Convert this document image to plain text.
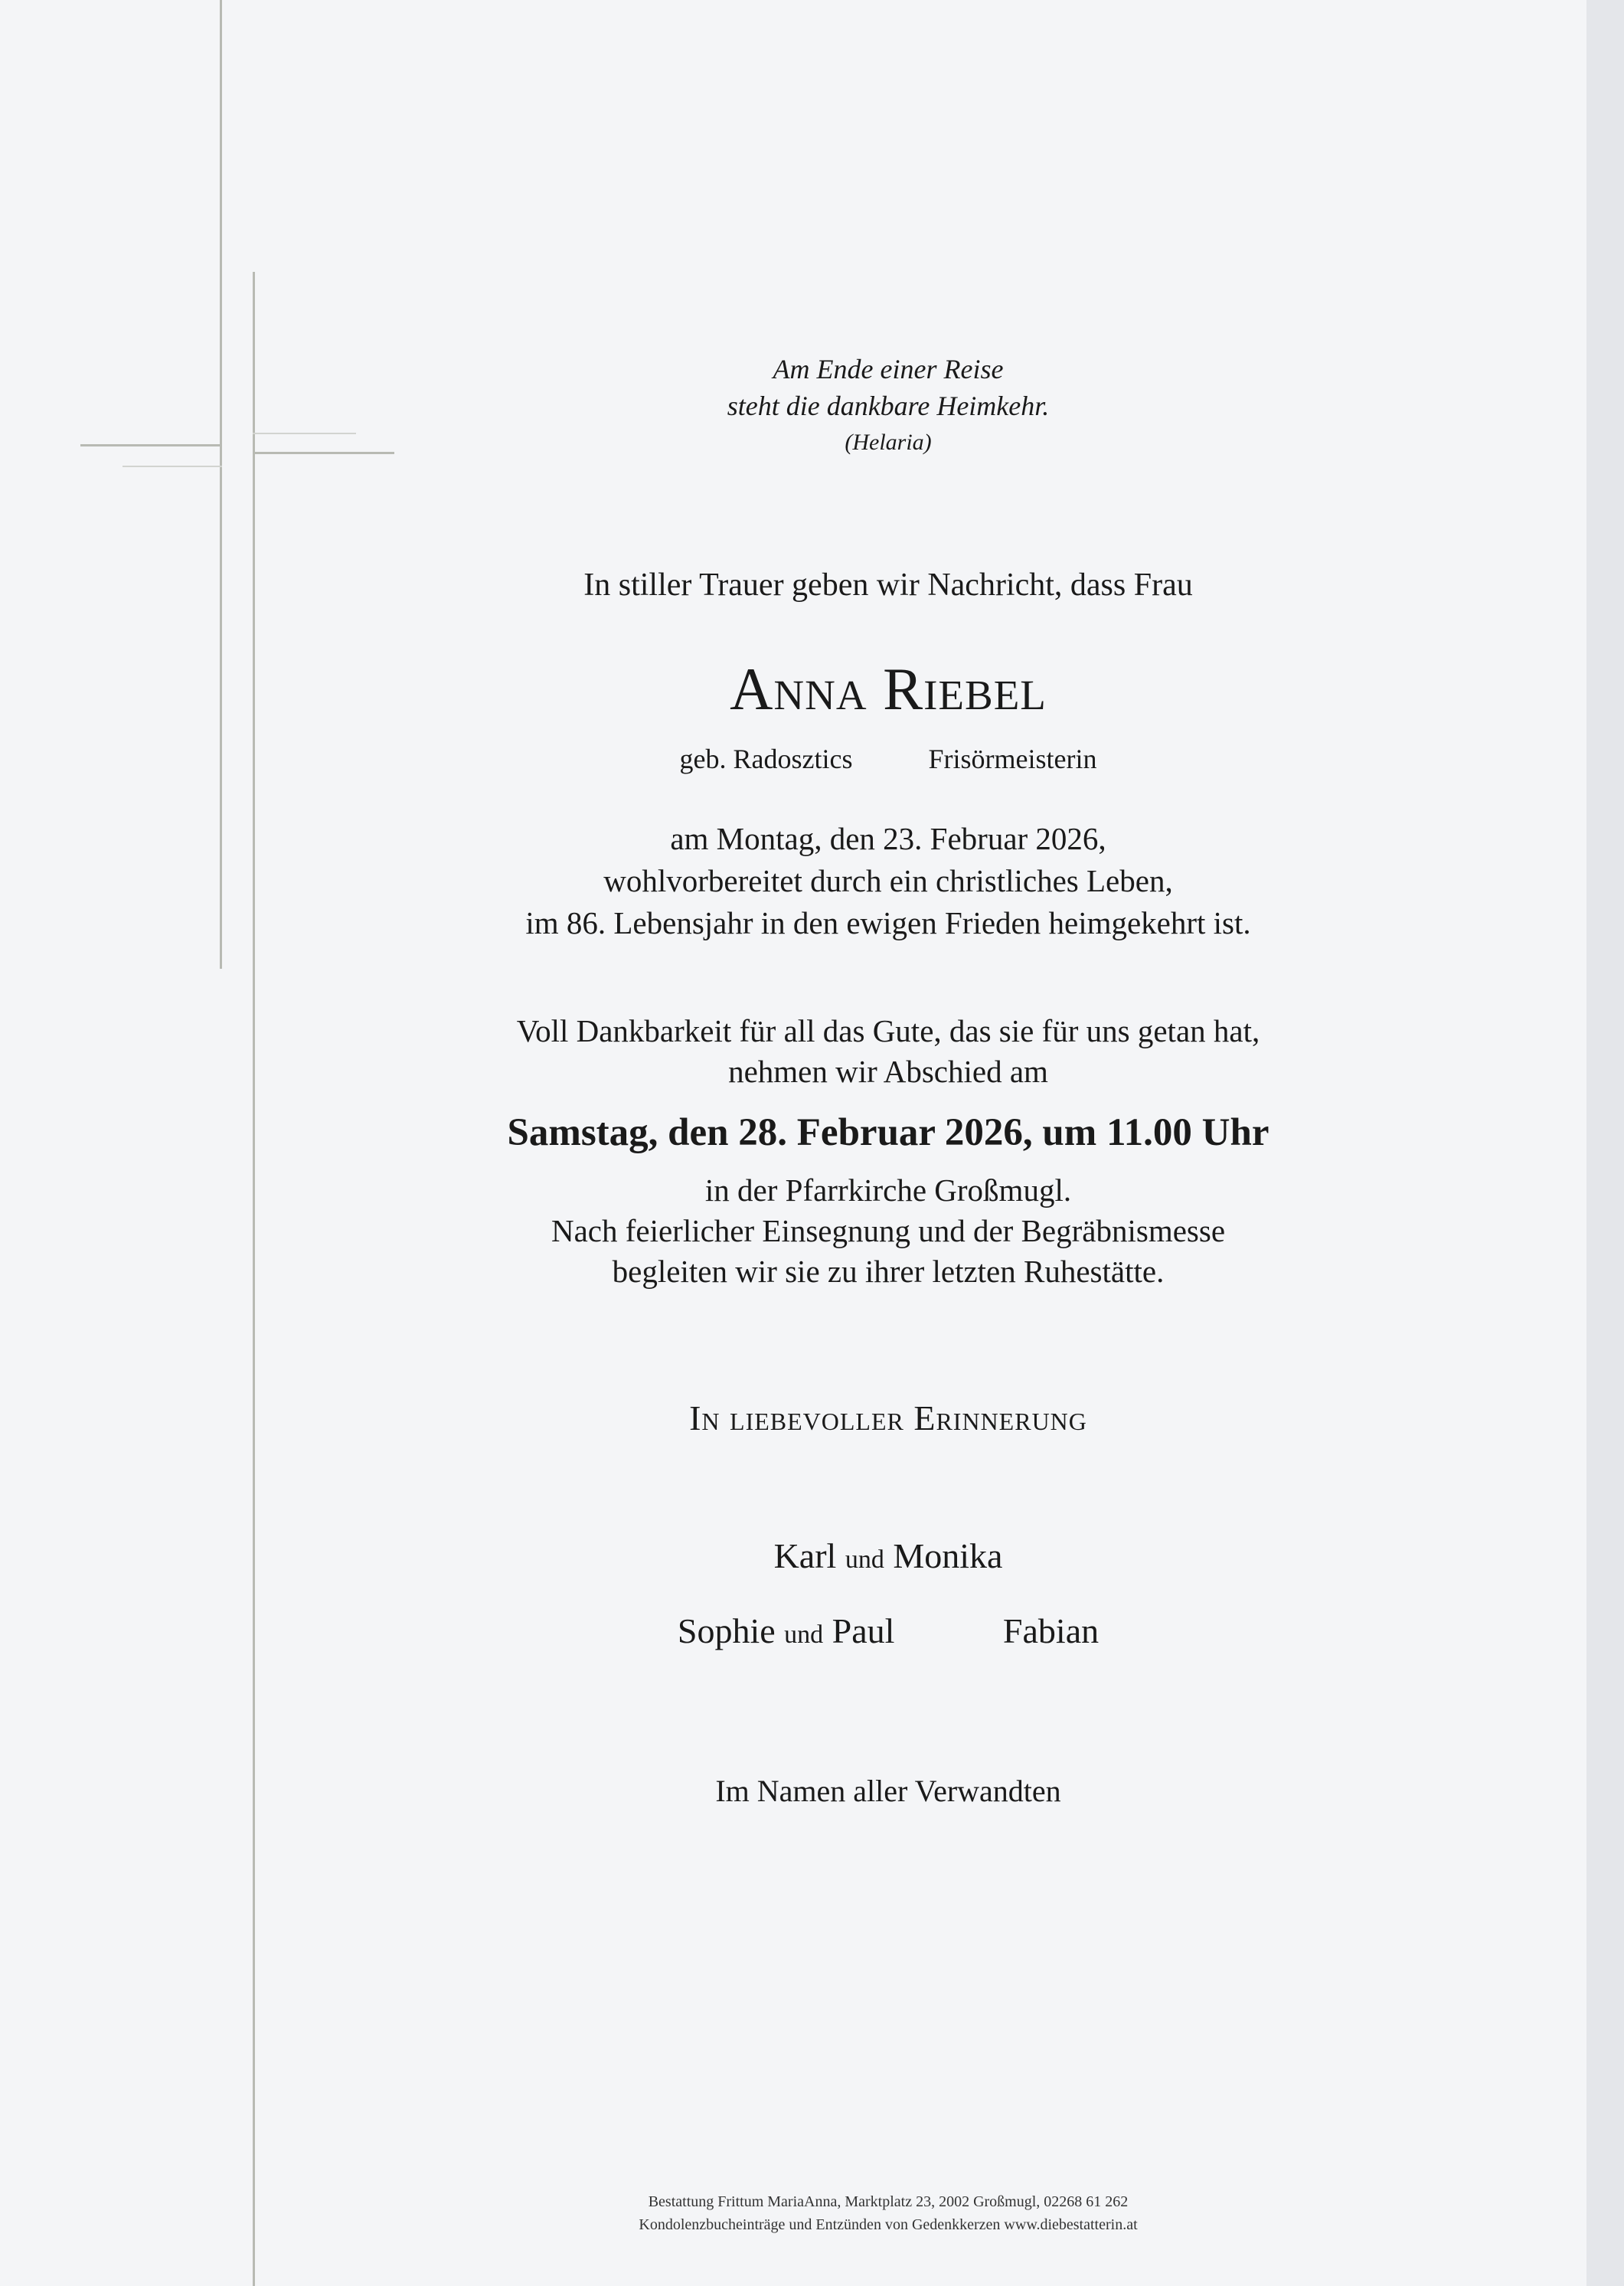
Am Ende einer Reise
steht die dankbare Heimkehr.
(Helaria)
In stiller Trauer geben wir Nachricht, dass Frau
Anna Riebel
geb. Radosztics	Frisörmeisterin
am Montag, den 23. Februar 2026,
wohlvorbereitet durch ein christliches Leben,
im 86. Lebensjahr in den ewigen Frieden heimgekehrt ist.
Voll Dankbarkeit für all das Gute, das sie für uns getan hat,
nehmen wir Abschied am
Samstag, den 28. Februar 2026, um 11.00 Uhr
in der Pfarrkirche Großmugl.
Nach feierlicher Einsegnung und der Begräbnismesse
begleiten wir sie zu ihrer letzten Ruhestätte.
In liebevoller Erinnerung
Karl und Monika
Sophie und Paul	Fabian
Im Namen aller Verwandten
Bestattung Frittum MariaAnna, Marktplatz 23, 2002 Großmugl, 02268 61 262
Kondolenzbucheinträge und Entzünden von Gedenkkerzen www.diebestatterin.at
